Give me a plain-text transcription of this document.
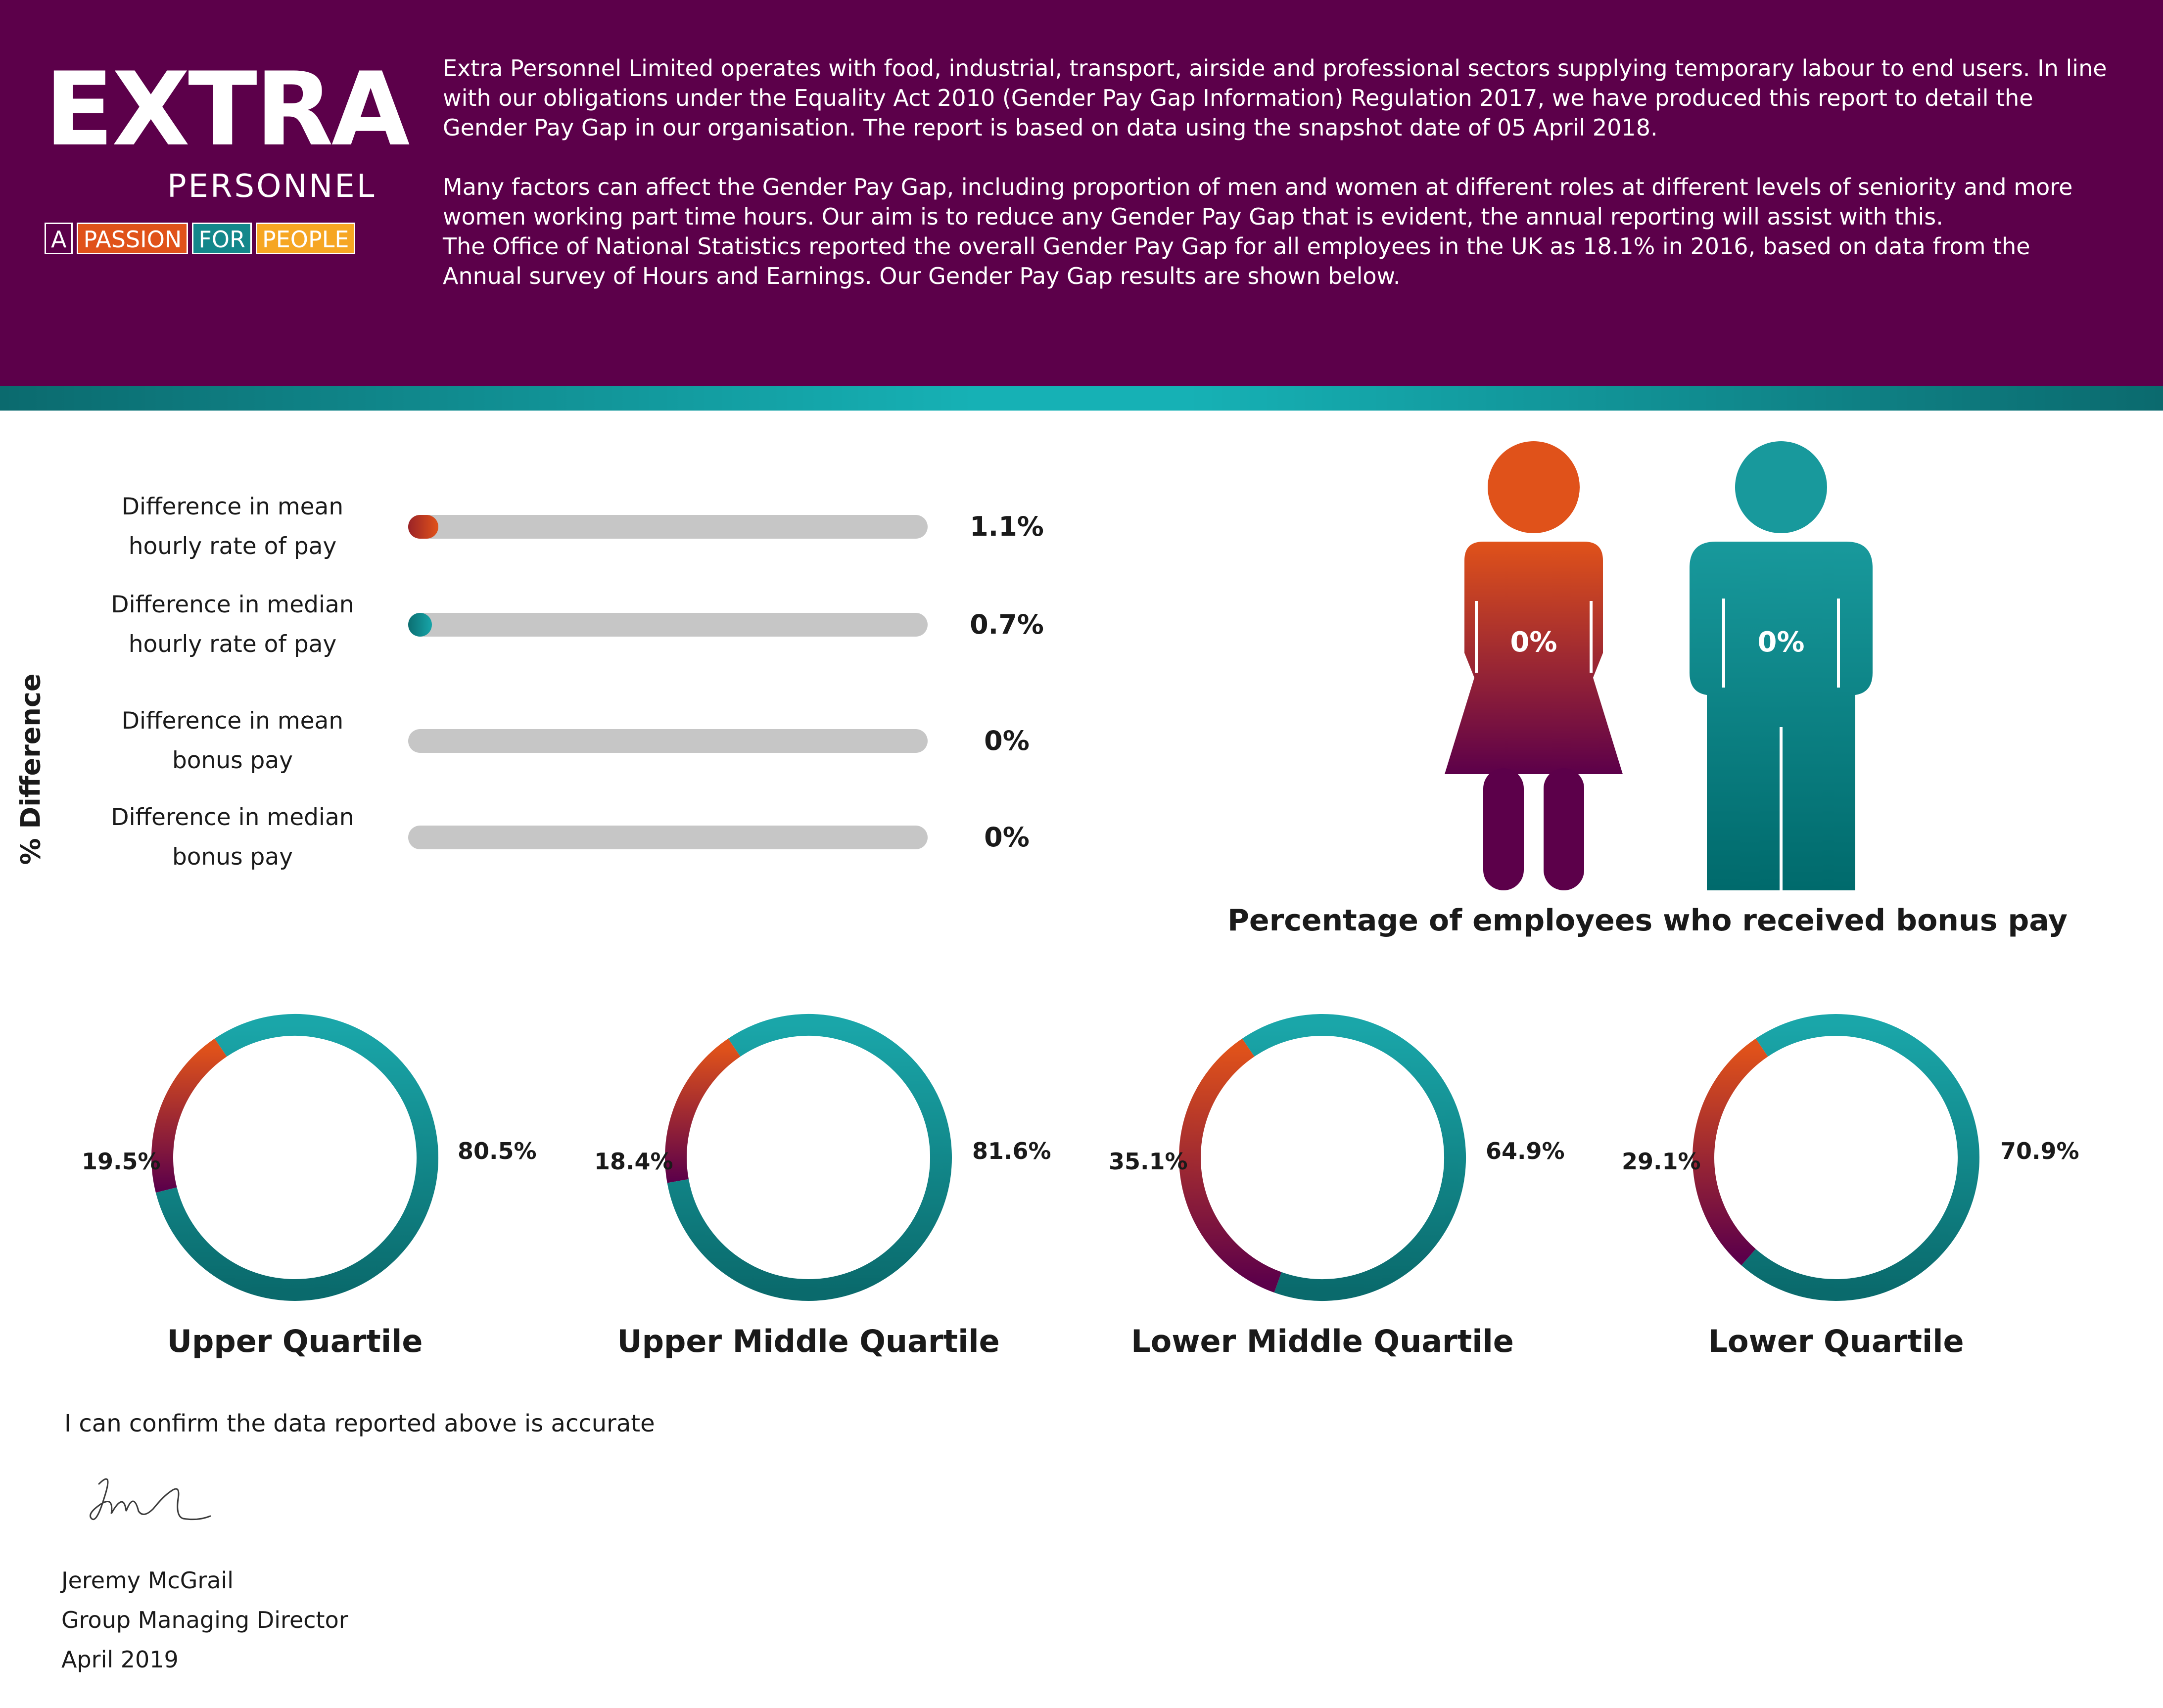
EXTRA
PERSONNEL
A PASSION FOR PEOPLE

Extra Personnel Limited operates with food, industrial, transport, airside and professional sectors supplying temporary labour to end users. In line with our obligations under the Equality Act 2010 (Gender Pay Gap Information) Regulation 2017, we have produced this report to detail the Gender Pay Gap in our organisation. The report is based on data using the snapshot date of 05 April 2018.

Many factors can affect the Gender Pay Gap, including proportion of men and women at different roles at different levels of seniority and more women working part time hours. Our aim is to reduce any Gender Pay Gap that is evident, the annual reporting will assist with this.

The Office of National Statistics reported the overall Gender Pay Gap for all employees in the UK as 18.1% in 2016, based on data from the Annual survey of Hours and Earnings. Our Gender Pay Gap results are shown below.

% Difference
Difference in mean
hourly rate of pay
1.1%
Difference in median
hourly rate of pay
0.7%
Difference in mean
bonus pay
0%
Difference in median
bonus pay
0%
0%	0%
Percentage of employees who received bonus pay
19.5%	80.5%	18.4%	81.6%	35.1%	64.9%	29.1%	70.9%
Upper Quartile	Upper Middle Quartile	Lower Middle Quartile	Lower Quartile
I can confirm the data reported above is accurate
Jeremy McGrail
Group Managing Director
April 2019
